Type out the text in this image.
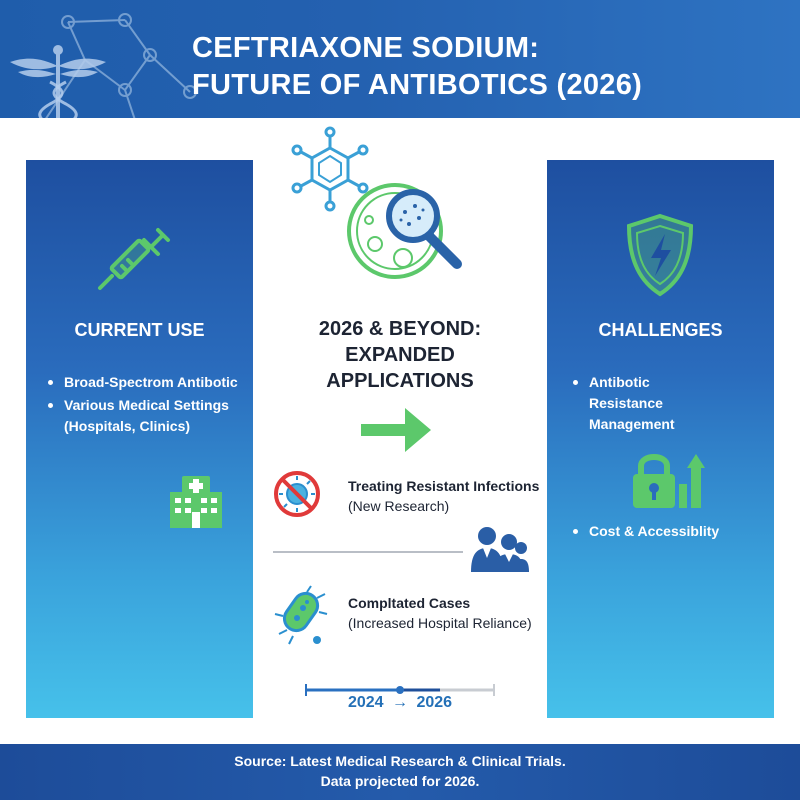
CEFTRIAXONE SODIUM:
FUTURE OF ANTIBOTICS (2026)
CURRENT USE
Broad-Spectrom Antibotic
Various Medical Settings (Hospitals, Clinics)
2026 & BEYOND:
EXPANDED
APPLICATIONS
Treating Resistant Infections
(New Research)
Compltated Cases
(Increased Hospital Reliance)
2024 → 2026
CHALLENGES
Antibotic Resistance Management
Cost & Accessiblity
Source: Latest Medical Research & Clinical Trials.
Data projected for 2026.
